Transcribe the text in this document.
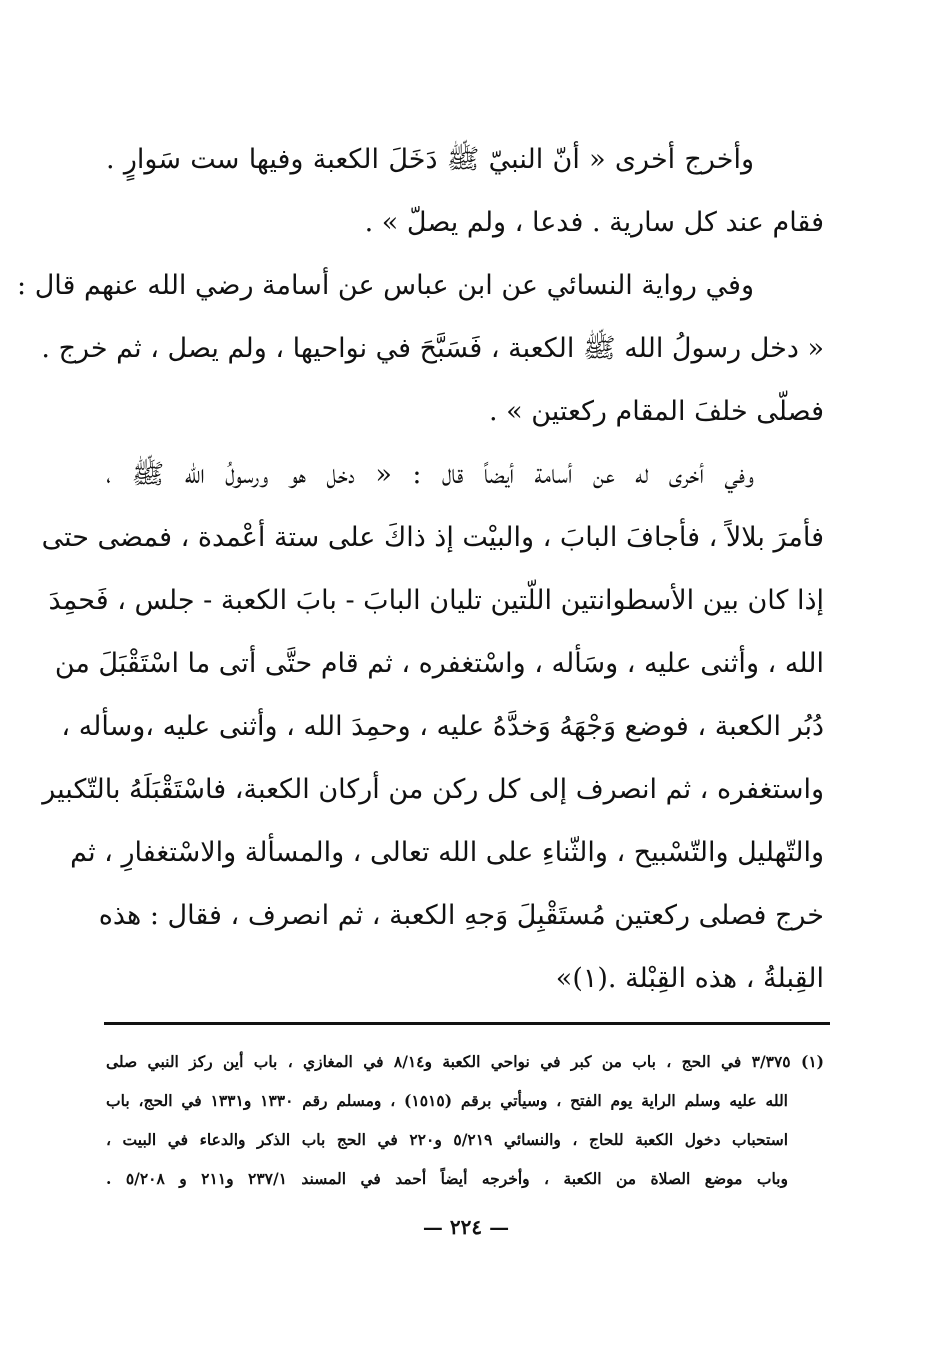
وأخرج أخرى « أنّ النبيّ ﷺ دَخَلَ الكعبة وفيها ست سَوارٍ .
فقام عند كل سارية . فدعا ، ولم يصلّ » .
وفي رواية النسائي عن ابن عباس عن أسامة رضي الله عنهم قال :
« دخل رسولُ الله ﷺ الكعبة ، فَسَبَّحَ في نواحيها ، ولم يصل ، ثم خرج .
فصلّى خلفَ المقام ركعتين » .
وفي أخرى له عن أسامة أيضاً قال : « دخل هو ورسولُ الله ﷺ ،
فأمرَ بلالاً ، فأجافَ البابَ ، والبيْت إذ ذاكَ على ستة أعْمدة ، فمضى حتى
إذا كان بين الأسطوانتين اللّتين تليان البابَ - بابَ الكعبة - جلس ، فَحمِدَ
الله ، وأثنى عليه ، وسَأله ، واسْتغفره ، ثم قام حتَّى أتى ما اسْتَقْبَلَ من
دُبُر الكعبة ، فوضع وَجْهَهُ وَخدَّهُ عليه ، وحمِدَ الله ، وأثنى عليه ،وسأله ،
واستغفره ، ثم انصرف إلى كل ركن من أركان الكعبة، فاسْتَقْبَلَهُ بالتّكبير
والتّهليل والتّسْبيح ، والثّناءِ على الله تعالى ، والمسألة والاسْتغفارِ ، ثم
خرج فصلى ركعتين مُستَقْبِلَ وَجهِ الكعبة ، ثم انصرف ، فقال : هذه
القِبلةُ ، هذه القِبْلة .(١)»
(١) ٣/٣٧٥ في الحج ، باب من كبر في نواحي الكعبة و٨/١٤ في المغازي ، باب أين ركز النبي صلى
الله عليه وسلم الراية يوم الفتح ، وسيأتي برقم (١٥١٥) ، ومسلم رقم ١٣٣٠ و١٣٣١ في الحج، باب
استحباب دخول الكعبة للحاج ، والنسائي ٥/٢١٩ و٢٢٠ في الحج باب الذكر والدعاء في البيت ،
وباب موضع الصلاة من الكعبة ، وأخرجه أيضاً أحمد في المسند ٢٣٧/١ و٢١١ و ٥/٢٠٨ .
— ٢٢٤ —
